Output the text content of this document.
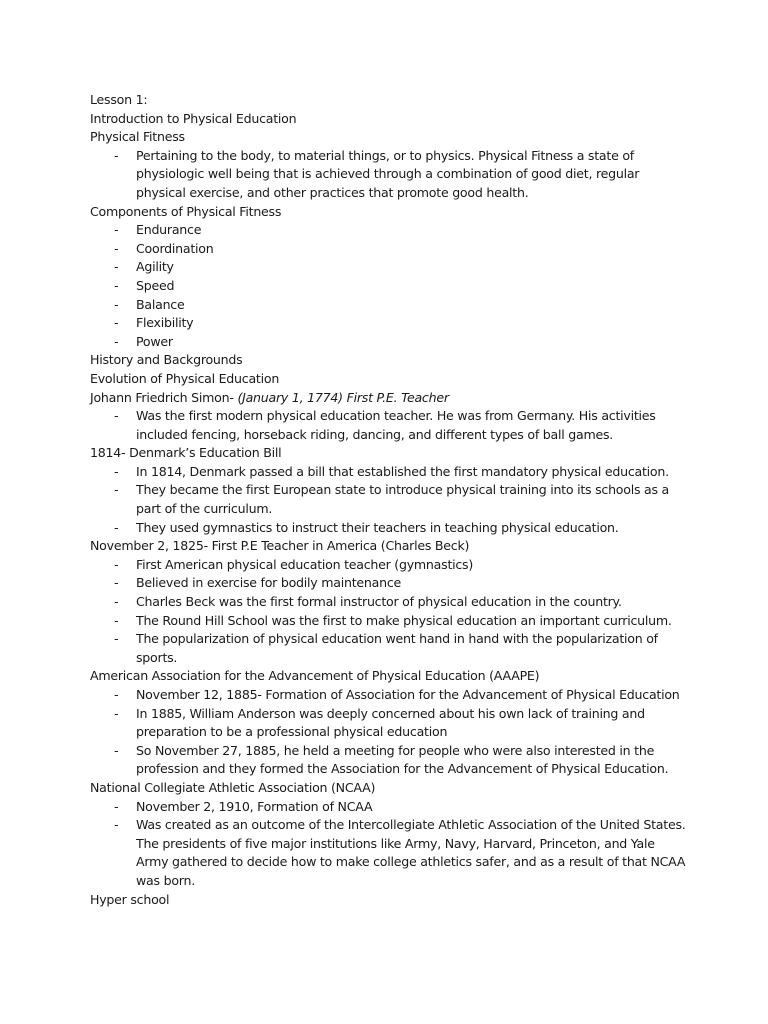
Lesson 1:

Introduction to Physical Education

Physical Fitness

-	Pertaining to the body, to material things, or to physics. Physical Fitness a state of physiologic well being that is achieved through a combination of good diet, regular physical exercise, and other practices that promote good health.

Components of Physical Fitness

-	Endurance
-	Coordination
-	Agility
-	Speed
-	Balance
-	Flexibility
-	Power

History and Backgrounds

Evolution of Physical Education

Johann Friedrich Simon- (January 1, 1774) First P.E. Teacher

-	Was the first modern physical education teacher. He was from Germany. His activities included fencing, horseback riding, dancing, and different types of ball games.

1814- Denmark’s Education Bill

-	In 1814, Denmark passed a bill that established the first mandatory physical education.
-	They became the first European state to introduce physical training into its schools as a part of the curriculum.
-	They used gymnastics to instruct their teachers in teaching physical education.

November 2, 1825- First P.E Teacher in America (Charles Beck)

-	First American physical education teacher (gymnastics)
-	Believed in exercise for bodily maintenance
-	Charles Beck was the first formal instructor of physical education in the country.
-	The Round Hill School was the first to make physical education an important curriculum.
-	The popularization of physical education went hand in hand with the popularization of sports.

American Association for the Advancement of Physical Education (AAAPE)

-	November 12, 1885- Formation of Association for the Advancement of Physical Education
-	In 1885, William Anderson was deeply concerned about his own lack of training and preparation to be a professional physical education
-	So November 27, 1885, he held a meeting for people who were also interested in the profession and they formed the Association for the Advancement of Physical Education.

National Collegiate Athletic Association (NCAA)

-	November 2, 1910, Formation of NCAA
-	Was created as an outcome of the Intercollegiate Athletic Association of the United States. The presidents of five major institutions like Army, Navy, Harvard, Princeton, and Yale Army gathered to decide how to make college athletics safer, and as a result of that NCAA was born.

Hyper school
